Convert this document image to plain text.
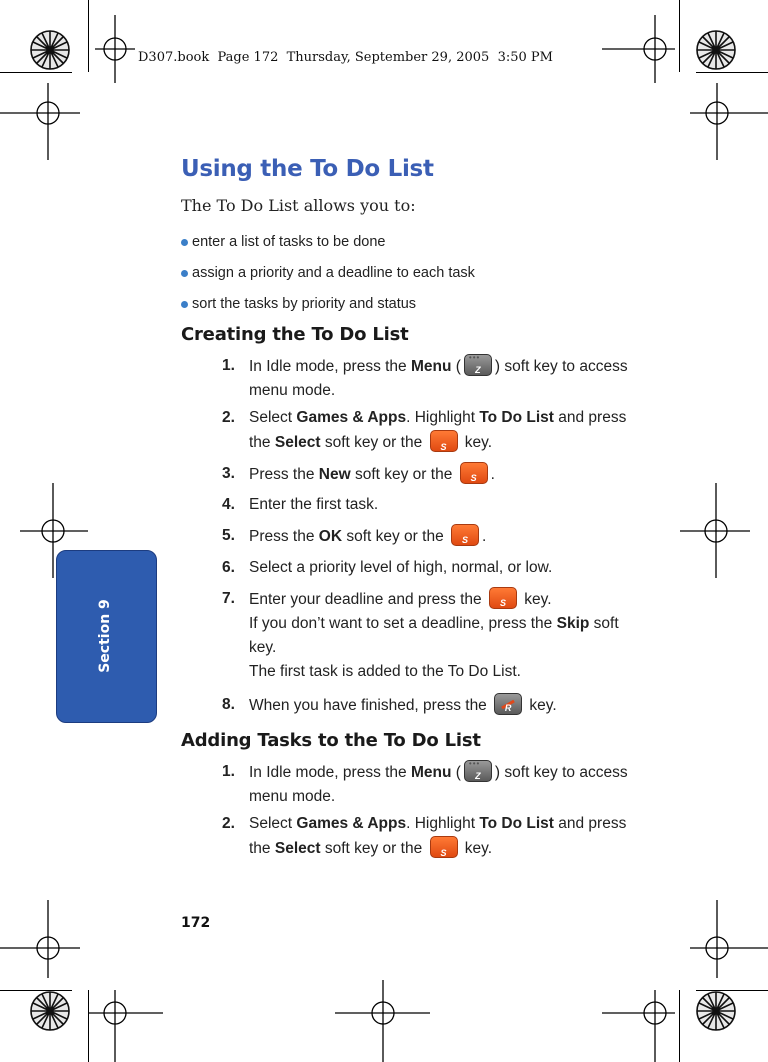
D307.book  Page 172  Thursday, September 29, 2005  3:50 PM
Using the To Do List
The To Do List allows you to:
enter a list of tasks to be done
assign a priority and a deadline to each task
sort the tasks by priority and status
Creating the To Do List
1. In Idle mode, press the Menu ( ••• Z ) soft key to access
menu mode.
2. Select Games & Apps. Highlight To Do List and press
the Select soft key or the S key.
3. Press the New soft key or the S.
4. Enter the first task.
5. Press the OK soft key or the S.
6. Select a priority level of high, normal, or low.
7. Enter your deadline and press the S key.
If you don’t want to set a deadline, press the Skip soft
key.
The first task is added to the To Do List.
8. When you have finished, press the
R key.
Adding Tasks to the To Do List
1. In Idle mode, press the Menu ( ••• Z ) soft key to access
menu mode.
2. Select Games & Apps. Highlight To Do List and press
the Select soft key or the S key.
Section 9
172
